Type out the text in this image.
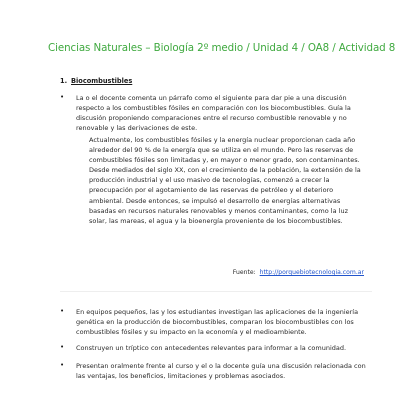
Ciencias Naturales – Biología 2º medio / Unidad 4 / OA8 / Actividad 8
1. Biocombustibles
• La o el docente comenta un párrafo como el siguiente para dar pie a una discusión respecto a los combustibles fósiles en comparación con los biocombustibles. Guía la discusión proponiendo comparaciones entre el recurso combustible renovable y no renovable y las derivaciones de este.
Actualmente, los combustibles fósiles y la energía nuclear proporcionan cada año alrededor del 90 % de la energía que se utiliza en el mundo. Pero las reservas de combustibles fósiles son limitadas y, en mayor o menor grado, son contaminantes. Desde mediados del siglo XX, con el crecimiento de la población, la extensión de la producción industrial y el uso masivo de tecnologías, comenzó a crecer la preocupación por el agotamiento de las reservas de petróleo y el deterioro ambiental. Desde entonces, se impulsó el desarrollo de energías alternativas basadas en recursos naturales renovables y menos contaminantes, como la luz solar, las mareas, el agua y la bioenergía proveniente de los biocombustibles.
Fuente: http://porquebiotecnologia.com.ar
• En equipos pequeños, las y los estudiantes investigan las aplicaciones de la ingeniería genética en la producción de biocombustibles, comparan los biocombustibles con los combustibles fósiles y su impacto en la economía y el medioambiente.
• Construyen un tríptico con antecedentes relevantes para informar a la comunidad.
• Presentan oralmente frente al curso y el o la docente guía una discusión relacionada con las ventajas, los beneficios, limitaciones y problemas asociados.
